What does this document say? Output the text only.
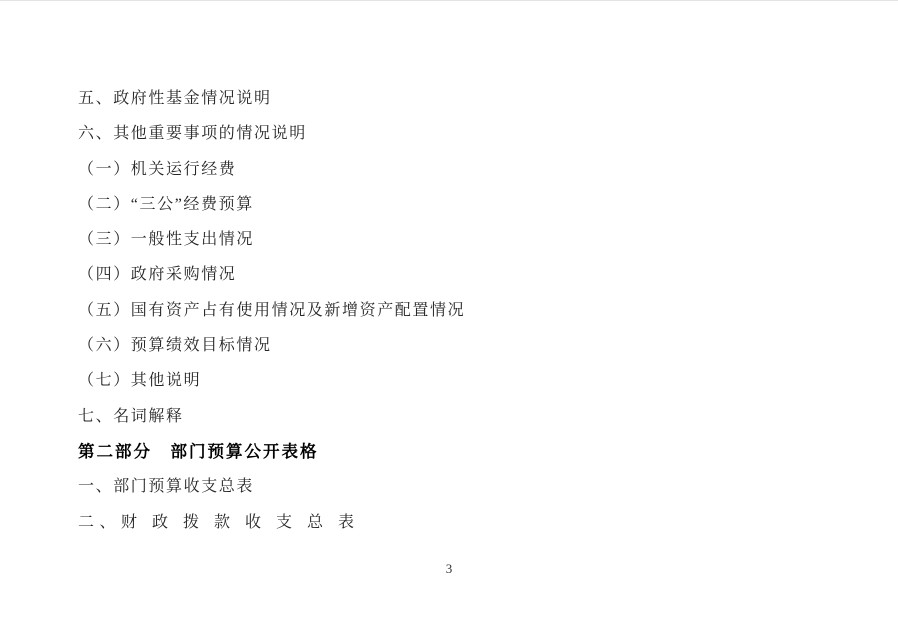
五、政府性基金情况说明

六、其他重要事项的情况说明

（一）机关运行经费

（二）“三公”经费预算

（三）一般性支出情况

（四）政府采购情况

（五）国有资产占有使用情况及新增资产配置情况

（六）预算绩效目标情况

（七）其他说明

七、名词解释

第二部分　部门预算公开表格

一、部门预算收支总表

二、财 政 拨 款 收 支 总 表

3
